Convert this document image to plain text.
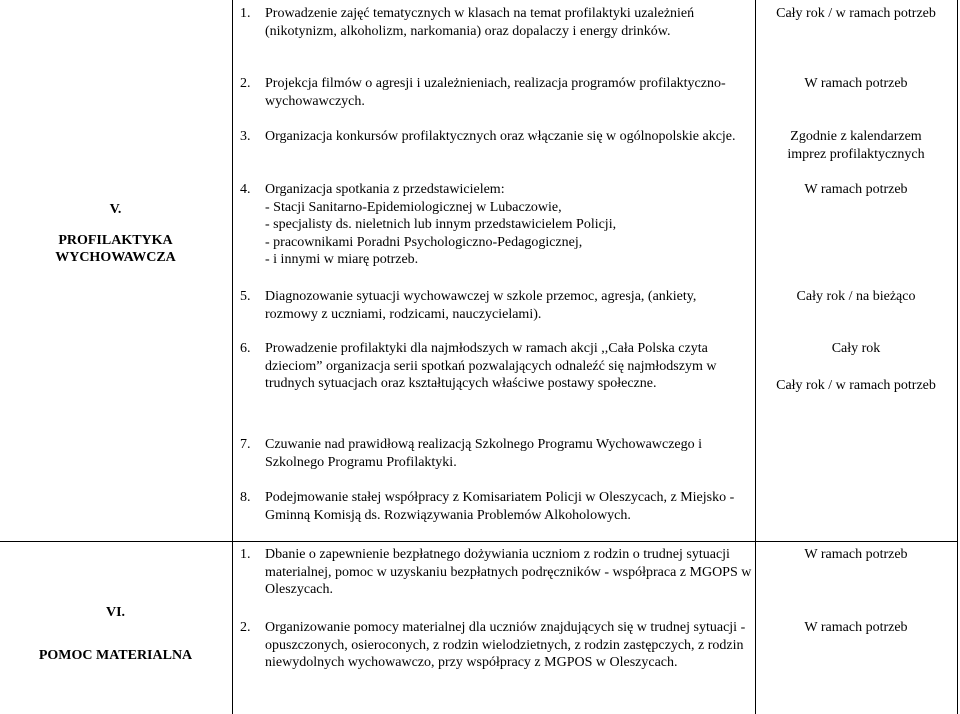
V.
PROFILAKTYKA
WYCHOWAWCZA
1. Prowadzenie zajęć tematycznych w klasach na temat profilaktyki uzależnień (nikotynizm, alkoholizm, narkomania) oraz dopalaczy i energy drinków.
Cały rok / w ramach potrzeb
2. Projekcja filmów o agresji i uzależnieniach, realizacja programów profilaktyczno-wychowawczych.
W ramach potrzeb
3. Organizacja konkursów profilaktycznych oraz włączanie się w ogólnopolskie akcje.	Zgodnie z kalendarzem
imprez profilaktycznych
4. Organizacja spotkania z przedstawicielem:
- Stacji Sanitarno-Epidemiologicznej w Lubaczowie,
- specjalisty ds. nieletnich lub innym przedstawicielem Policji,
- pracownikami Poradni Psychologiczno-Pedagogicznej,
- i innymi w miarę potrzeb.
W ramach potrzeb
5. Diagnozowanie sytuacji wychowawczej w szkole przemoc, agresja, (ankiety, rozmowy z uczniami, rodzicami, nauczycielami).
Cały rok / na bieżąco
6. Prowadzenie profilaktyki dla najmłodszych w ramach akcji ,,Cała Polska czyta dzieciom” organizacja serii spotkań pozwalających odnaleźć się najmłodszym w trudnych sytuacjach oraz kształtujących właściwe postawy społeczne.
Cały rok
Cały rok / w ramach potrzeb
7. Czuwanie nad prawidłową realizacją Szkolnego Programu Wychowawczego i Szkolnego Programu Profilaktyki.
8. Podejmowanie stałej współpracy z Komisariatem Policji w Oleszycach, z Miejsko - Gminną Komisją ds. Rozwiązywania Problemów Alkoholowych.
VI.
POMOC MATERIALNA
1. Dbanie o zapewnienie bezpłatnego dożywiania uczniom z rodzin o trudnej sytuacji materialnej, pomoc w uzyskaniu bezpłatnych podręczników - współpraca z MGOPS w Oleszycach.
W ramach potrzeb
2. Organizowanie pomocy materialnej dla uczniów znajdujących się w trudnej sytuacji - opuszczonych, osieroconych, z rodzin wielodzietnych, z rodzin zastępczych, z rodzin niewydolnych wychowawczo, przy współpracy z MGPOS w Oleszycach.
W ramach potrzeb
